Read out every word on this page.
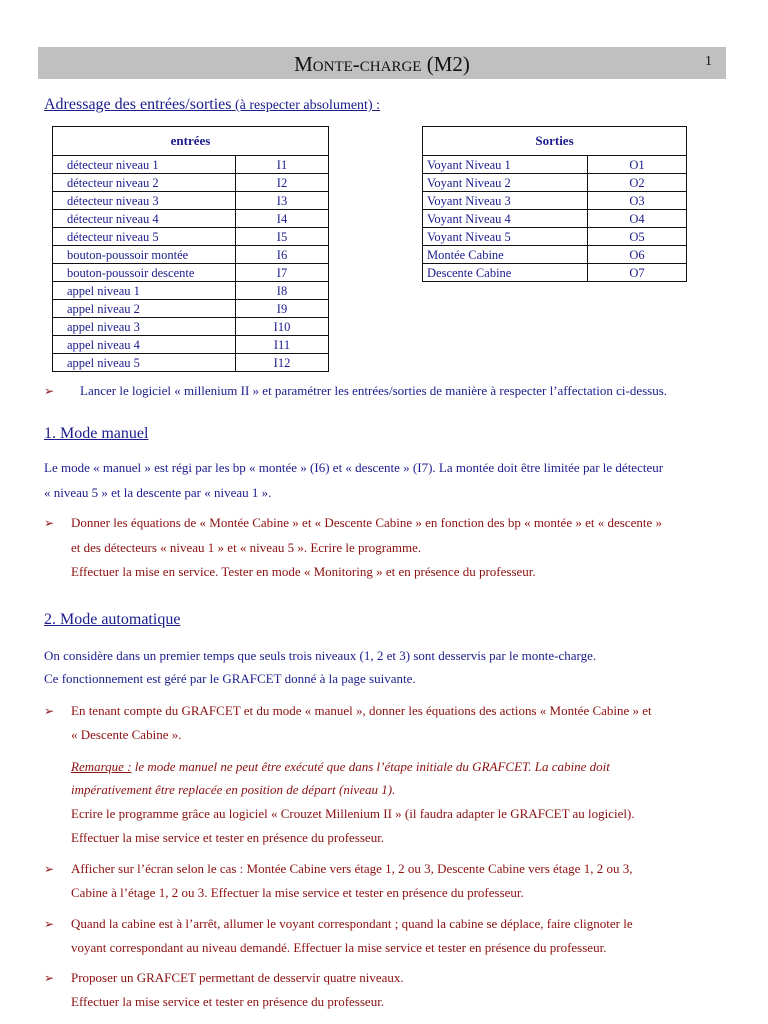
Monte-charge (M2)	1
Adressage des entrées/sorties (à respecter absolument) :
entrées	
détecteur niveau 1	I1
détecteur niveau 2	I2
détecteur niveau 3	I3
détecteur niveau 4	I4
détecteur niveau 5	I5
bouton-poussoir montée	I6
bouton-poussoir descente	I7
appel niveau 1	I8
appel niveau 2	I9
appel niveau 3	I10
appel niveau 4	I11
appel niveau 5	I12
Sorties	
Voyant Niveau 1	O1
Voyant Niveau 2	O2
Voyant Niveau 3	O3
Voyant Niveau 4	O4
Voyant Niveau 5	O5
Montée Cabine	O6
Descente Cabine	O7
➢ Lancer le logiciel « millenium II » et paramétrer les entrées/sorties de manière à respecter l’affectation ci-dessus.
1. Mode manuel
Le mode « manuel » est régi par les bp « montée » (I6) et « descente » (I7). La montée doit être limitée par le détecteur
« niveau 5 » et la descente par « niveau 1 ».
➢ Donner les équations de « Montée Cabine » et « Descente Cabine » en fonction des bp « montée » et « descente »
et des détecteurs « niveau 1 » et « niveau 5 ». Ecrire le programme.
Effectuer la mise en service. Tester en mode « Monitoring » et en présence du professeur.
2. Mode automatique
On considère dans un premier temps que seuls trois niveaux (1, 2 et 3) sont desservis par le monte-charge.
Ce fonctionnement est géré par le GRAFCET donné à la page suivante.
➢ En tenant compte du GRAFCET et du mode « manuel », donner les équations des actions « Montée Cabine » et
« Descente Cabine ».
Remarque : le mode manuel ne peut être exécuté que dans l’étape initiale du GRAFCET. La cabine doit
impérativement être replacée en position de départ (niveau 1).
Ecrire le programme grâce au logiciel « Crouzet Millenium II » (il faudra adapter le GRAFCET au logiciel).
Effectuer la mise service et tester en présence du professeur.
➢ Afficher sur l’écran selon le cas : Montée Cabine vers étage 1, 2 ou 3, Descente Cabine vers étage 1, 2 ou 3,
Cabine à l’étage 1, 2 ou 3. Effectuer la mise service et tester en présence du professeur.
➢ Quand la cabine est à l’arrêt, allumer le voyant correspondant ; quand la cabine se déplace, faire clignoter le
voyant correspondant au niveau demandé. Effectuer la mise service et tester en présence du professeur.
➢ Proposer un GRAFCET permettant de desservir quatre niveaux.
Effectuer la mise service et tester en présence du professeur.
